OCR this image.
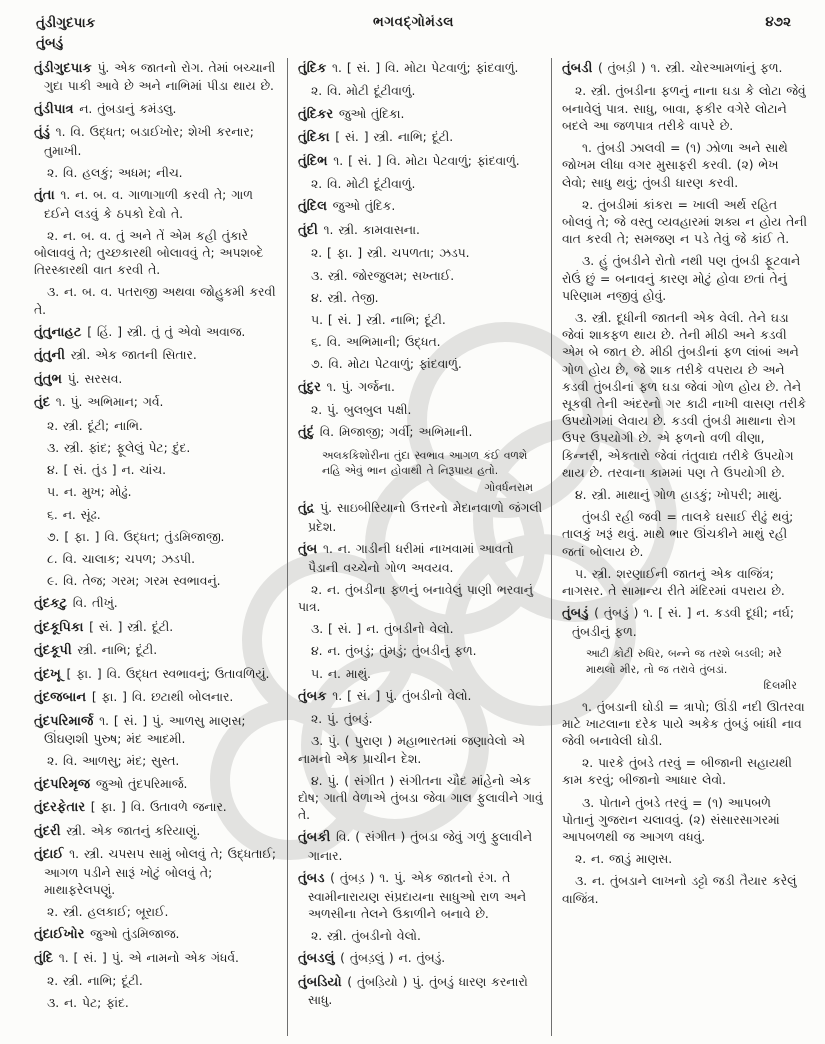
તુંડીગુદપાક
તુંબડું
ભગવદ્ગોમંડલ	૪૭૨

તુંડીગુદપાક પું. એક જાતનો રોગ. તેમાં બચ્ચાની ગુદા પાકી આવે છે અને નાભિમાં પીડા થાય છે.

તુંડીપાત્ર ન. તુંબડાનું કમંડલુ.

તુંડું ૧. વિ. ઉદ્ધત; બડાઈખોર; શેખી કરનાર; તુમાખી.

૨. વિ. હલકું; અધમ; નીચ.

તુંતા ૧. ન. બ. વ. ગાળાગાળી કરવી તે; ગાળ દઈને લડવું કે ઠપકો દેવો તે.

૨. ન. બ. વ. તું અને તેં એમ કહી તુંકારે બોલાવવું તે; તુચ્છકારથી બોલાવવું તે; અપશબ્દે તિરસ્કારથી વાત કરવી તે.

૩. ન. બ. વ. પતરાજી અથવા જોહુકમી કરવી તે.

તુંતુનાહટ [ હિં. ] સ્ત્રી. તું તું એવો અવાજ.

તુંતુની સ્ત્રી. એક જાતની સિતાર.

તુંતુભ પું. સરસવ.

તુંદ ૧. પું. અભિમાન; ગર્વ.

૨. સ્ત્રી. દૂંટી; નાભિ.

૩. સ્ત્રી. ફાંદ; ફૂલેલું પેટ; દુંદ.

૪. [ સં. તુંડ ] ન. ચાંચ.

૫. ન. મુખ; મોઢું.

૬. ન. સૂંઢ.

૭. [ ફા. ] વિ. ઉદ્ધત; તુંડમિજાજી.

૮. વિ. ચાલાક; ચપળ; ઝડપી.

૯. વિ. તેજ; ગરમ; ગરમ સ્વભાવનું.

તુંદકટુ વિ. તીખું.

તુંદકૂપિકા [ સં. ] સ્ત્રી. દૂંટી.

તુંદકૂપી સ્ત્રી. નાભિ; દૂંટી.

તુંદખૂ [ ફા. ] વિ. ઉદ્ધત સ્વભાવનું; ઉતાવળિયું.

તુંદજબાન [ ફા. ] વિ. છટાથી બોલનાર.

તુંદપરિમાર્જ ૧. [ સં. ] પું. આળસુ માણસ; ઊંઘણશી પુરુષ; મંદ આદમી.

૨. વિ. આળસુ; મંદ; સુસ્ત.

તુંદપરિમૃજ જુઓ તુંદપરિમાર્જ.

તુંદરફેતાર [ ફા. ] વિ. ઉતાવળે જનાર.

તુંદરી સ્ત્રી. એક જાતનું કરિયાણું.

તુંદાઈ ૧. સ્ત્રી. ચપસપ સામું બોલવું તે; ઉદ્ધતાઈ; આગળ પડીને સારૂં ખોટું બોલવું તે; માથાફરેલપણું.

૨. સ્ત્રી. હલકાઈ; બૂરાઈ.

તુંદાઈખોર જુઓ તુંડમિજાજ.

તુંદિ ૧. [ સં. ] પું. એ નામનો એક ગંધર્વ.

૨. સ્ત્રી. નાભિ; દૂંટી.

૩. ન. પેટ; ફાંદ.

તુંદિક ૧. [ સં. ] વિ. મોટા પેટવાળું; ફાંદવાળું.

૨. વિ. મોટી દૂંટીવાળું.

તુંદિકર જુઓ તુંદિકા.

તુંદિકા [ સં. ] સ્ત્રી. નાભિ; દૂંટી.

તુંદિભ ૧. [ સં. ] વિ. મોટા પેટવાળું; ફાંદવાળું.

૨. વિ. મોટી દૂંટીવાળું.

તુંદિલ જુઓ તુંદિક.

તુંદી ૧. સ્ત્રી. કામવાસના.

૨. [ ફા. ] સ્ત્રી. ચપળતા; ઝડપ.

૩. સ્ત્રી. જોરજુલમ; સખ્તાઈ.

૪. સ્ત્રી. તેજી.

૫. [ સં. ] સ્ત્રી. નાભિ; દૂંટી.

૬. વિ. અભિમાની; ઉદ્ધત.

૭. વિ. મોટા પેટવાળું; ફાંદવાળું.

તુંદુર ૧. પું. ગર્જના.

૨. પું. બુલબુલ પક્ષી.

તુંદું વિ. મિજાજી; ગર્વી; અભિમાની.

અલકકિશોરીના તુંદા સ્વભાવ આગળ કંઈ વળશે નહિ એવું ભાન હોવાથી તે નિરૂપાય હતો.

ગોવર્ધનરામ

તુંદ્ર પું. સાઇબીરિયાનો ઉત્તરનો મેદાનવાળો જંગલી પ્રદેશ.

તુંબ ૧. ન. ગાડીની ધરીમાં નાખવામાં આવતો પૈડાની વચ્ચેનો ગોળ અવયવ.

૨. ન. તુંબડીના ફળનું બનાવેલું પાણી ભરવાનું પાત્ર.

૩. [ સં. ] ન. તુંબડીનો વેલો.

૪. ન. તુંબડું; તુંમડું; તુંબડીનું ફળ.

૫. ન. માથું.

તુંબક ૧. [ સં. ] પું. તુંબડીનો વેલો.

૨. પું. તુંબડું.

૩. પું. ( પુરાણ ) મહાભારતમાં જણાવેલો એ નામનો એક પ્રાચીન દેશ.

૪. પું. ( સંગીત ) સંગીતના ચૌદ માંહેનો એક દોષ; ગાતી વેળાએ તુંબડા જેવા ગાલ ફુલાવીને ગાવું તે.

તુંબકી વિ. ( સંગીત ) તુંબડા જેવું ગળું ફુલાવીને ગાનાર.

તુંબડ ( તુંબડ઼ ) ૧. પું. એક જાતનો રંગ. તે સ્વામીનારાયણ સંપ્રદાયના સાધુઓ રાળ અને અળસીના તેલને ઉકાળીને બનાવે છે.

૨. સ્ત્રી. તુંબડીનો વેલો.

તુંબડલું ( તુંબડ઼લું ) ન. તુંબડું.

તુંબડિયો ( તુંબડ઼િયો ) પું. તુંબડું ધારણ કરનારો સાધુ.

તુંબડી ( તુંબડ઼ી ) ૧. સ્ત્રી. ચોરઆમળાંનું ફળ.

૨. સ્ત્રી. તુંબડીના ફળનું નાના ઘડા કે લોટા જેવું બનાવેલું પાત્ર. સાધુ, બાવા, ફકીર વગેરે લોટાને બદલે આ જળપાત્ર તરીકે વાપરે છે.

૧. તુંબડી ઝાલવી = (૧) ઝોળા અને સાથે જોખમ લીધા વગર મુસાફરી કરવી. (૨) ભેખ લેવો; સાધુ થવું; તુંબડી ધારણ કરવી.

૨. તુંબડીમાં કાંકરા = ખાલી અર્થ રહિત બોલવું તે; જે વસ્તુ વ્યવહારમાં શક્ય ન હોય તેની વાત કરવી તે; સમજણ ન પડે તેવું જે કાંઈ તે.

૩. હું તુંબડીને રોતો નથી પણ તુંબડી ફૂટવાને રોઉં છું = બનાવનું કારણ મોટું હોવા છતાં તેનું પરિણામ નજીવું હોવું.

૩. સ્ત્રી. દૂધીની જાતની એક વેલી. તેને ઘડા જેવાં શાકફળ થાય છે. તેની મીઠી અને કડવી એમ બે જાત છે. મીઠી તુંબડીનાં ફળ લાંબાં અને ગોળ હોય છે, જે શાક તરીકે વપરાય છે અને કડવી તુંબડીનાં ફળ ઘડા જેવાં ગોળ હોય છે. તેને સૂકવી તેની અંદરનો ગર કાઢી નાખી વાસણ તરીકે ઉપયોગમાં લેવાય છે. કડવી તુંબડી માથાના રોગ ઉપર ઉપયોગી છે. એ ફળનો વળી વીણા, કિન્નરી, એકતારો જેવાં તંતુવાદ્ય તરીકે ઉપયોગ થાય છે. તરવાના કામમાં પણ તે ઉપયોગી છે.

૪. સ્ત્રી. માથાનું ગોળ હાડકું; ખોપરી; માથું.

તુંબડી રહી જવી = તાલકે ઘસાઈ રીઢું થવું; તાલકું ખરૂં થવું. માથે ભાર ઊંચકીને માથું રહી જતાં બોલાય છે.

૫. સ્ત્રી. શરણાઈની જાતનું એક વાજિંત્ર; નાગસર. તે સામાન્ય રીતે મંદિરમાં વપરાય છે.

તુંબડું ( તુંબડ઼ું ) ૧. [ સં. ] ન. કડવી દૂધી; નર્ઘ; તુંબડીનું ફળ.

આટી કોટી રુધિર, બન્ને જ તરશે બડલી; મરે માથલો મીર, તો જ તરાવે તુંબડાં.

દિલમીર

૧. તુંબડાની ઘોડી = ત્રાપો; ઊંડી નદી ઊતરવા માટે ખાટલાના દરેક પાયે અકેક તુંબડું બાંધી નાવ જેવી બનાવેલી ઘોડી.

૨. પારકે તુંબડે તરવું = બીજાની સહાયથી કામ કરવું; બીજાનો આધાર લેવો.

૩. પોતાને તુંબડે તરવું = (૧) આપબળે પોતાનું ગુજરાન ચલાવવું. (૨) સંસારસાગરમાં આપબળથી જ આગળ વધવું.

૨. ન. જાડું માણસ.

૩. ન. તુંબડાને લાખનો ડટ્ટો જડી તૈયાર કરેલું વાજિંત્ર.
